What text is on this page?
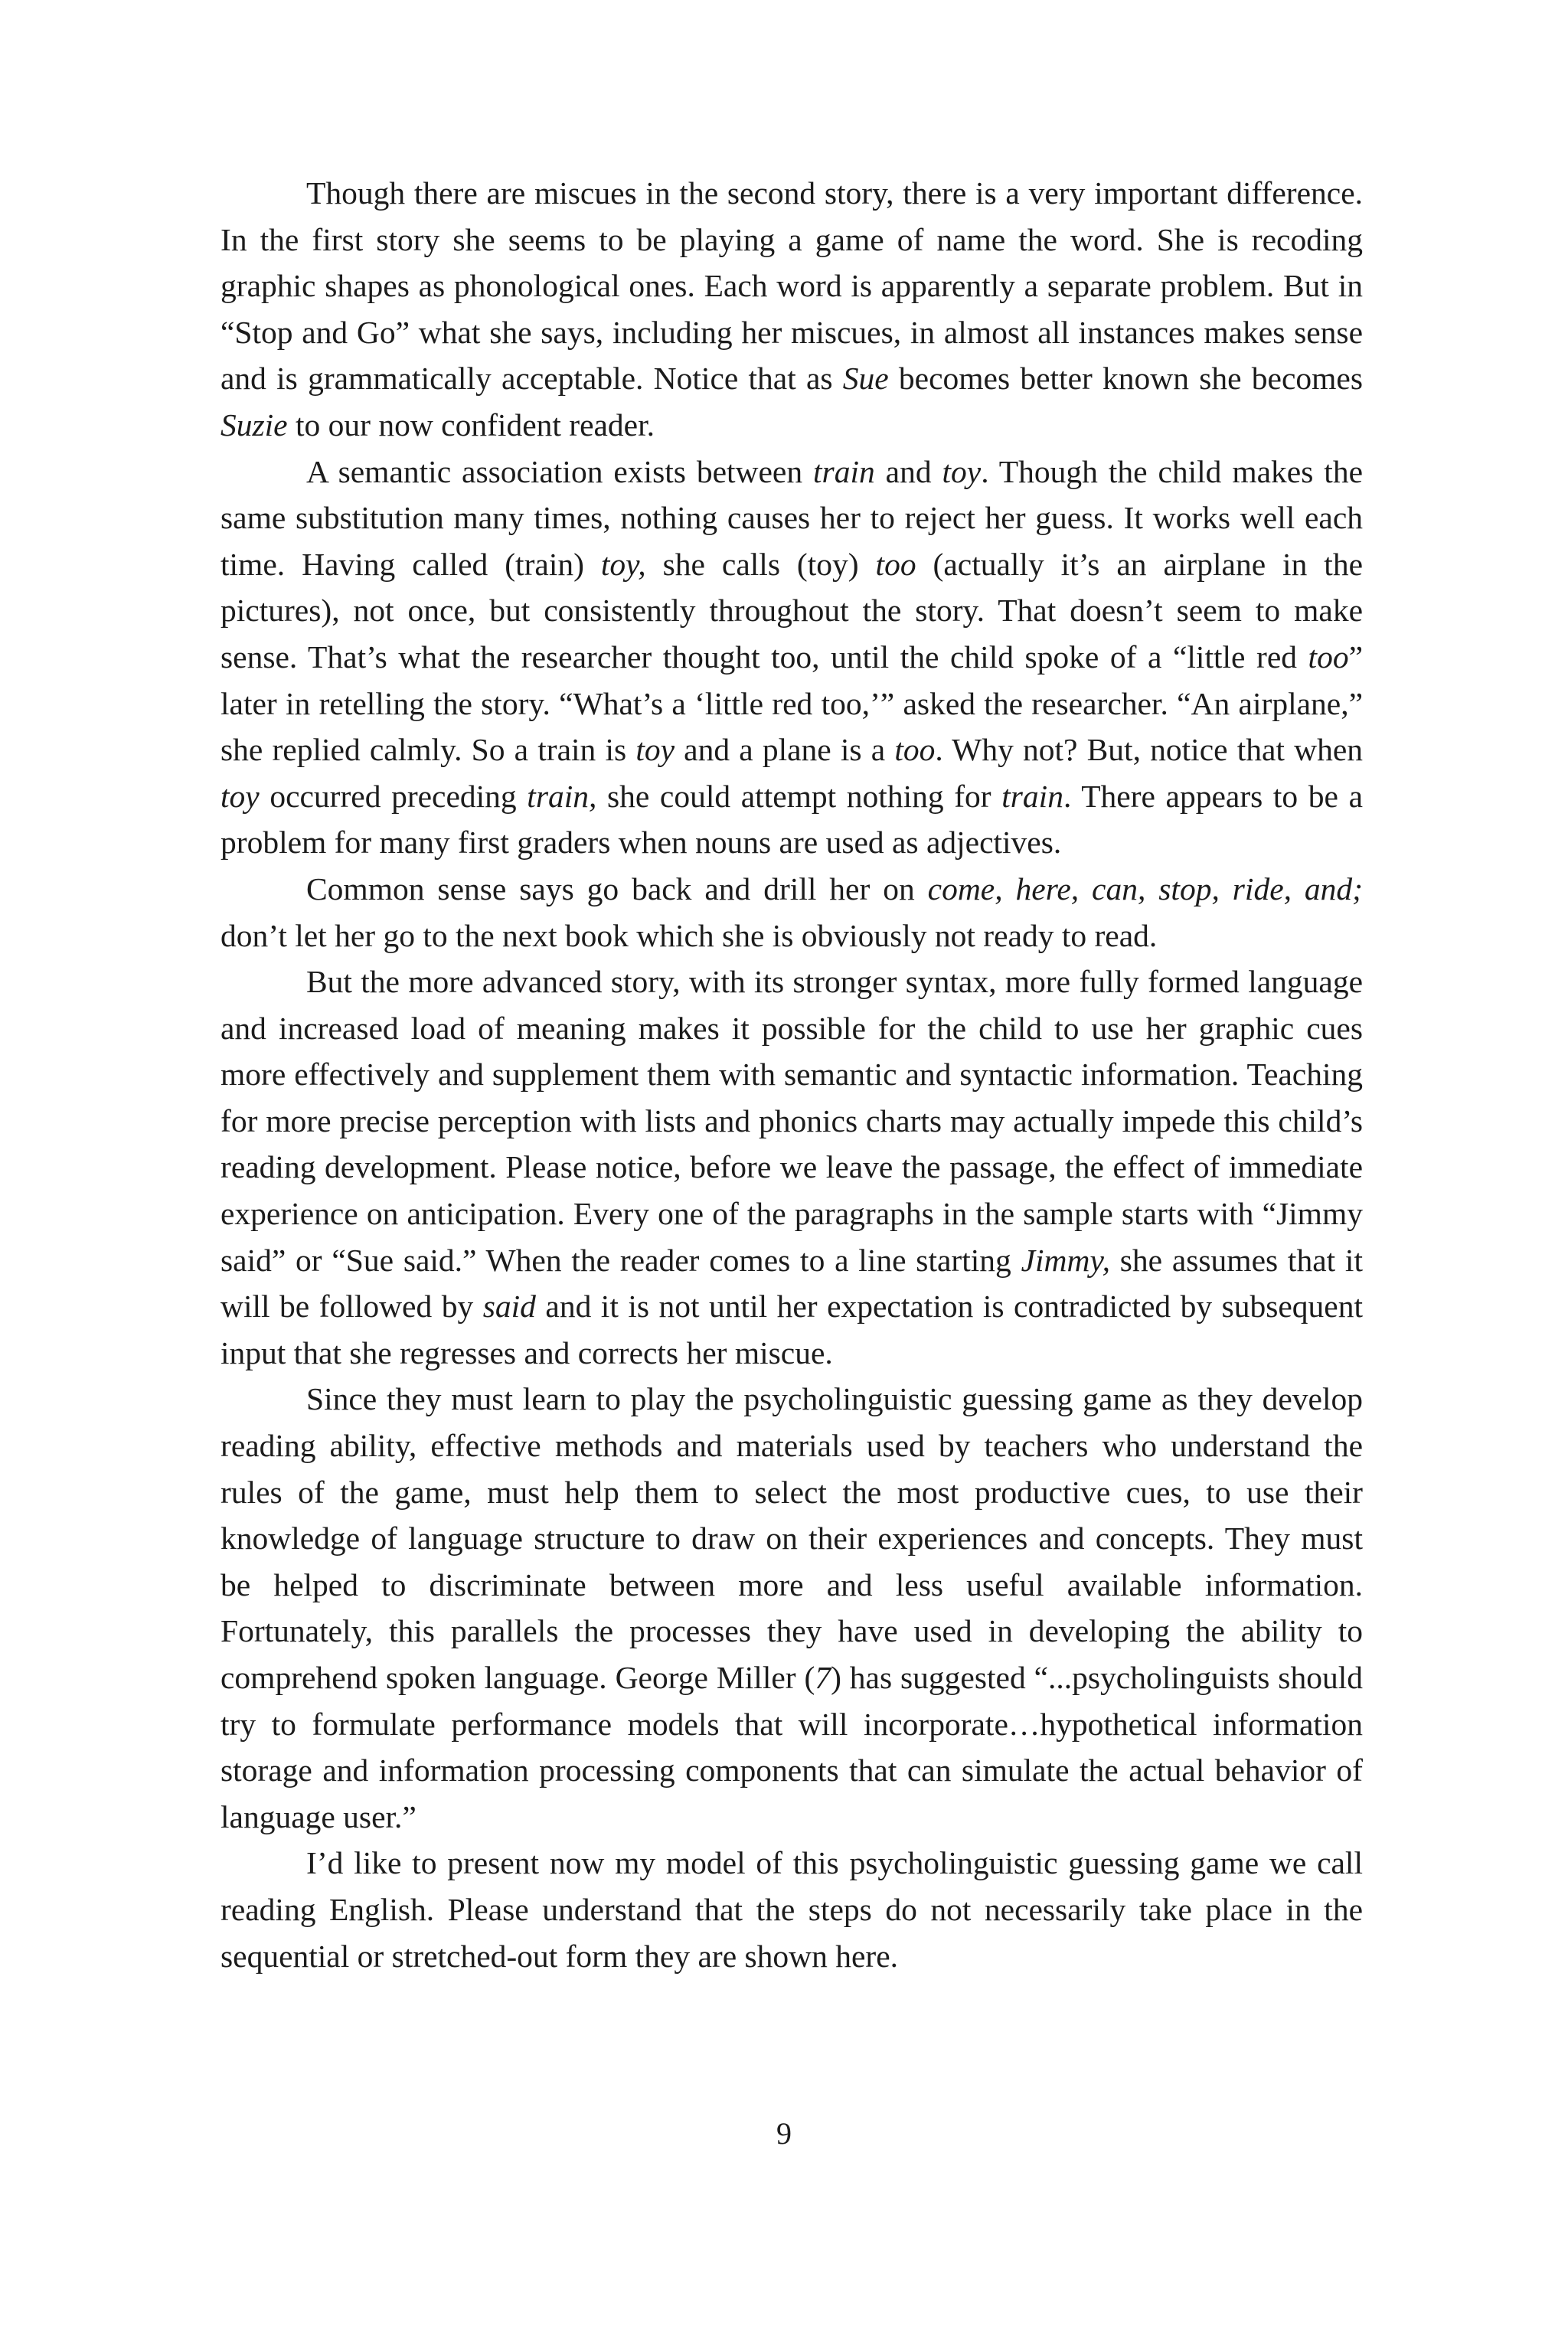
Though there are miscues in the second story, there is a very important difference. In the first story she seems to be playing a game of name the word. She is recoding graphic shapes as phonological ones. Each word is apparently a separate problem. But in “Stop and Go” what she says, including her miscues, in almost all instances makes sense and is grammatically acceptable. Notice that as Sue becomes better known she becomes Suzie to our now confident reader.

A semantic association exists between train and toy. Though the child makes the same substitution many times, nothing causes her to reject her guess. It works well each time. Having called (train) toy, she calls (toy) too (actually it’s an airplane in the pictures), not once, but consistently throughout the story. That doesn’t seem to make sense. That’s what the researcher thought too, until the child spoke of a “little red too” later in retelling the story. “What’s a ‘little red too,’” asked the researcher. “An airplane,” she replied calmly. So a train is toy and a plane is a too. Why not? But, notice that when toy occurred preceding train, she could attempt nothing for train. There appears to be a problem for many first graders when nouns are used as adjectives.

Common sense says go back and drill her on come, here, can, stop, ride, and; don’t let her go to the next book which she is obviously not ready to read.

But the more advanced story, with its stronger syntax, more fully formed language and increased load of meaning makes it possible for the child to use her graphic cues more effectively and supplement them with semantic and syntactic information. Teaching for more precise perception with lists and phonics charts may actually impede this child’s reading development. Please notice, before we leave the passage, the effect of immediate experience on anticipation. Every one of the paragraphs in the sample starts with “Jimmy said” or “Sue said.” When the reader comes to a line starting Jimmy, she assumes that it will be followed by said and it is not until her expectation is contradicted by subsequent input that she regresses and corrects her miscue.

Since they must learn to play the psycholinguistic guessing game as they develop reading ability, effective methods and materials used by teachers who understand the rules of the game, must help them to select the most productive cues, to use their knowledge of language structure to draw on their experiences and concepts. They must be helped to discriminate between more and less useful available information. Fortunately, this parallels the processes they have used in developing the ability to comprehend spoken language. George Miller (7) has suggested “...psycholinguists should try to formulate performance models that will incorporate…hypothetical information storage and information processing components that can simulate the actual behavior of language user.”

I’d like to present now my model of this psycholinguistic guessing game we call reading English. Please understand that the steps do not necessarily take place in the sequential or stretched-out form they are shown here.

9
